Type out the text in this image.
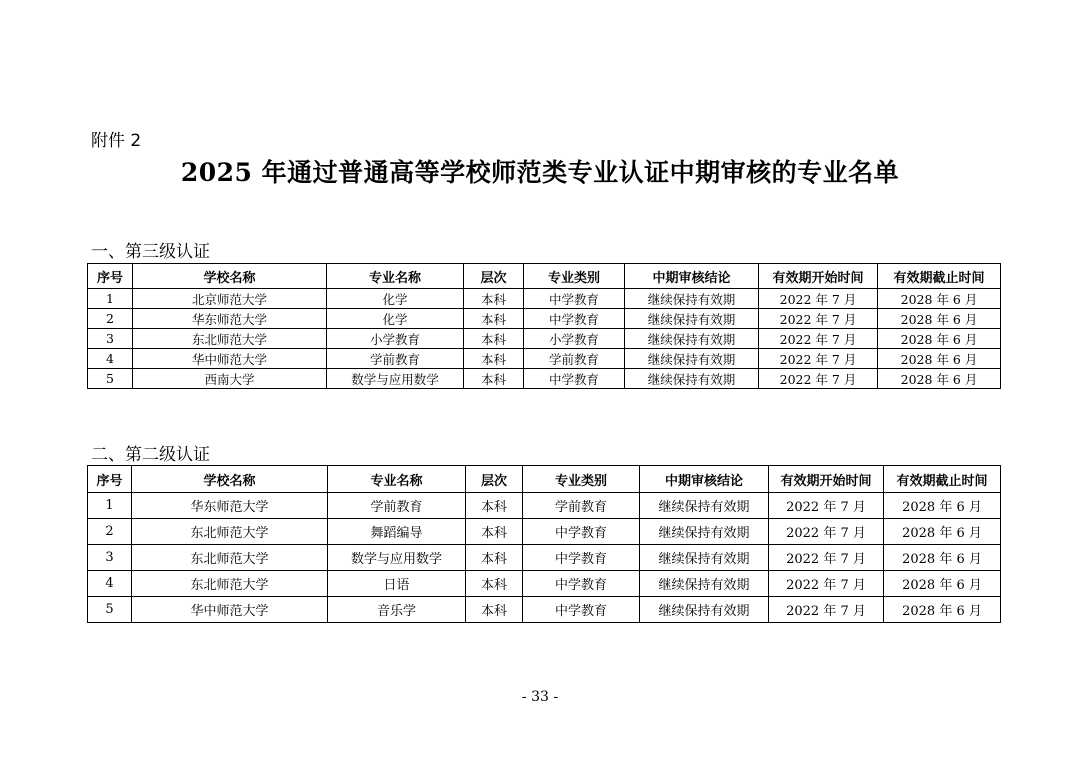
附件 2
2025 年通过普通高等学校师范类专业认证中期审核的专业名单
一、第三级认证
序号	学校名称	专业名称	层次	专业类别	中期审核结论	有效期开始时间	有效期截止时间
1	北京师范大学	化学	本科	中学教育	继续保持有效期	2022 年 7 月	2028 年 6 月
2	华东师范大学	化学	本科	中学教育	继续保持有效期	2022 年 7 月	2028 年 6 月
3	东北师范大学	小学教育	本科	小学教育	继续保持有效期	2022 年 7 月	2028 年 6 月
4	华中师范大学	学前教育	本科	学前教育	继续保持有效期	2022 年 7 月	2028 年 6 月
5	西南大学	数学与应用数学	本科	中学教育	继续保持有效期	2022 年 7 月	2028 年 6 月
二、第二级认证
序号	学校名称	专业名称	层次	专业类别	中期审核结论	有效期开始时间	有效期截止时间
1	华东师范大学	学前教育	本科	学前教育	继续保持有效期	2022 年 7 月	2028 年 6 月
2	东北师范大学	舞蹈编导	本科	中学教育	继续保持有效期	2022 年 7 月	2028 年 6 月
3	东北师范大学	数学与应用数学	本科	中学教育	继续保持有效期	2022 年 7 月	2028 年 6 月
4	东北师范大学	日语	本科	中学教育	继续保持有效期	2022 年 7 月	2028 年 6 月
5	华中师范大学	音乐学	本科	中学教育	继续保持有效期	2022 年 7 月	2028 年 6 月
- 33 -
